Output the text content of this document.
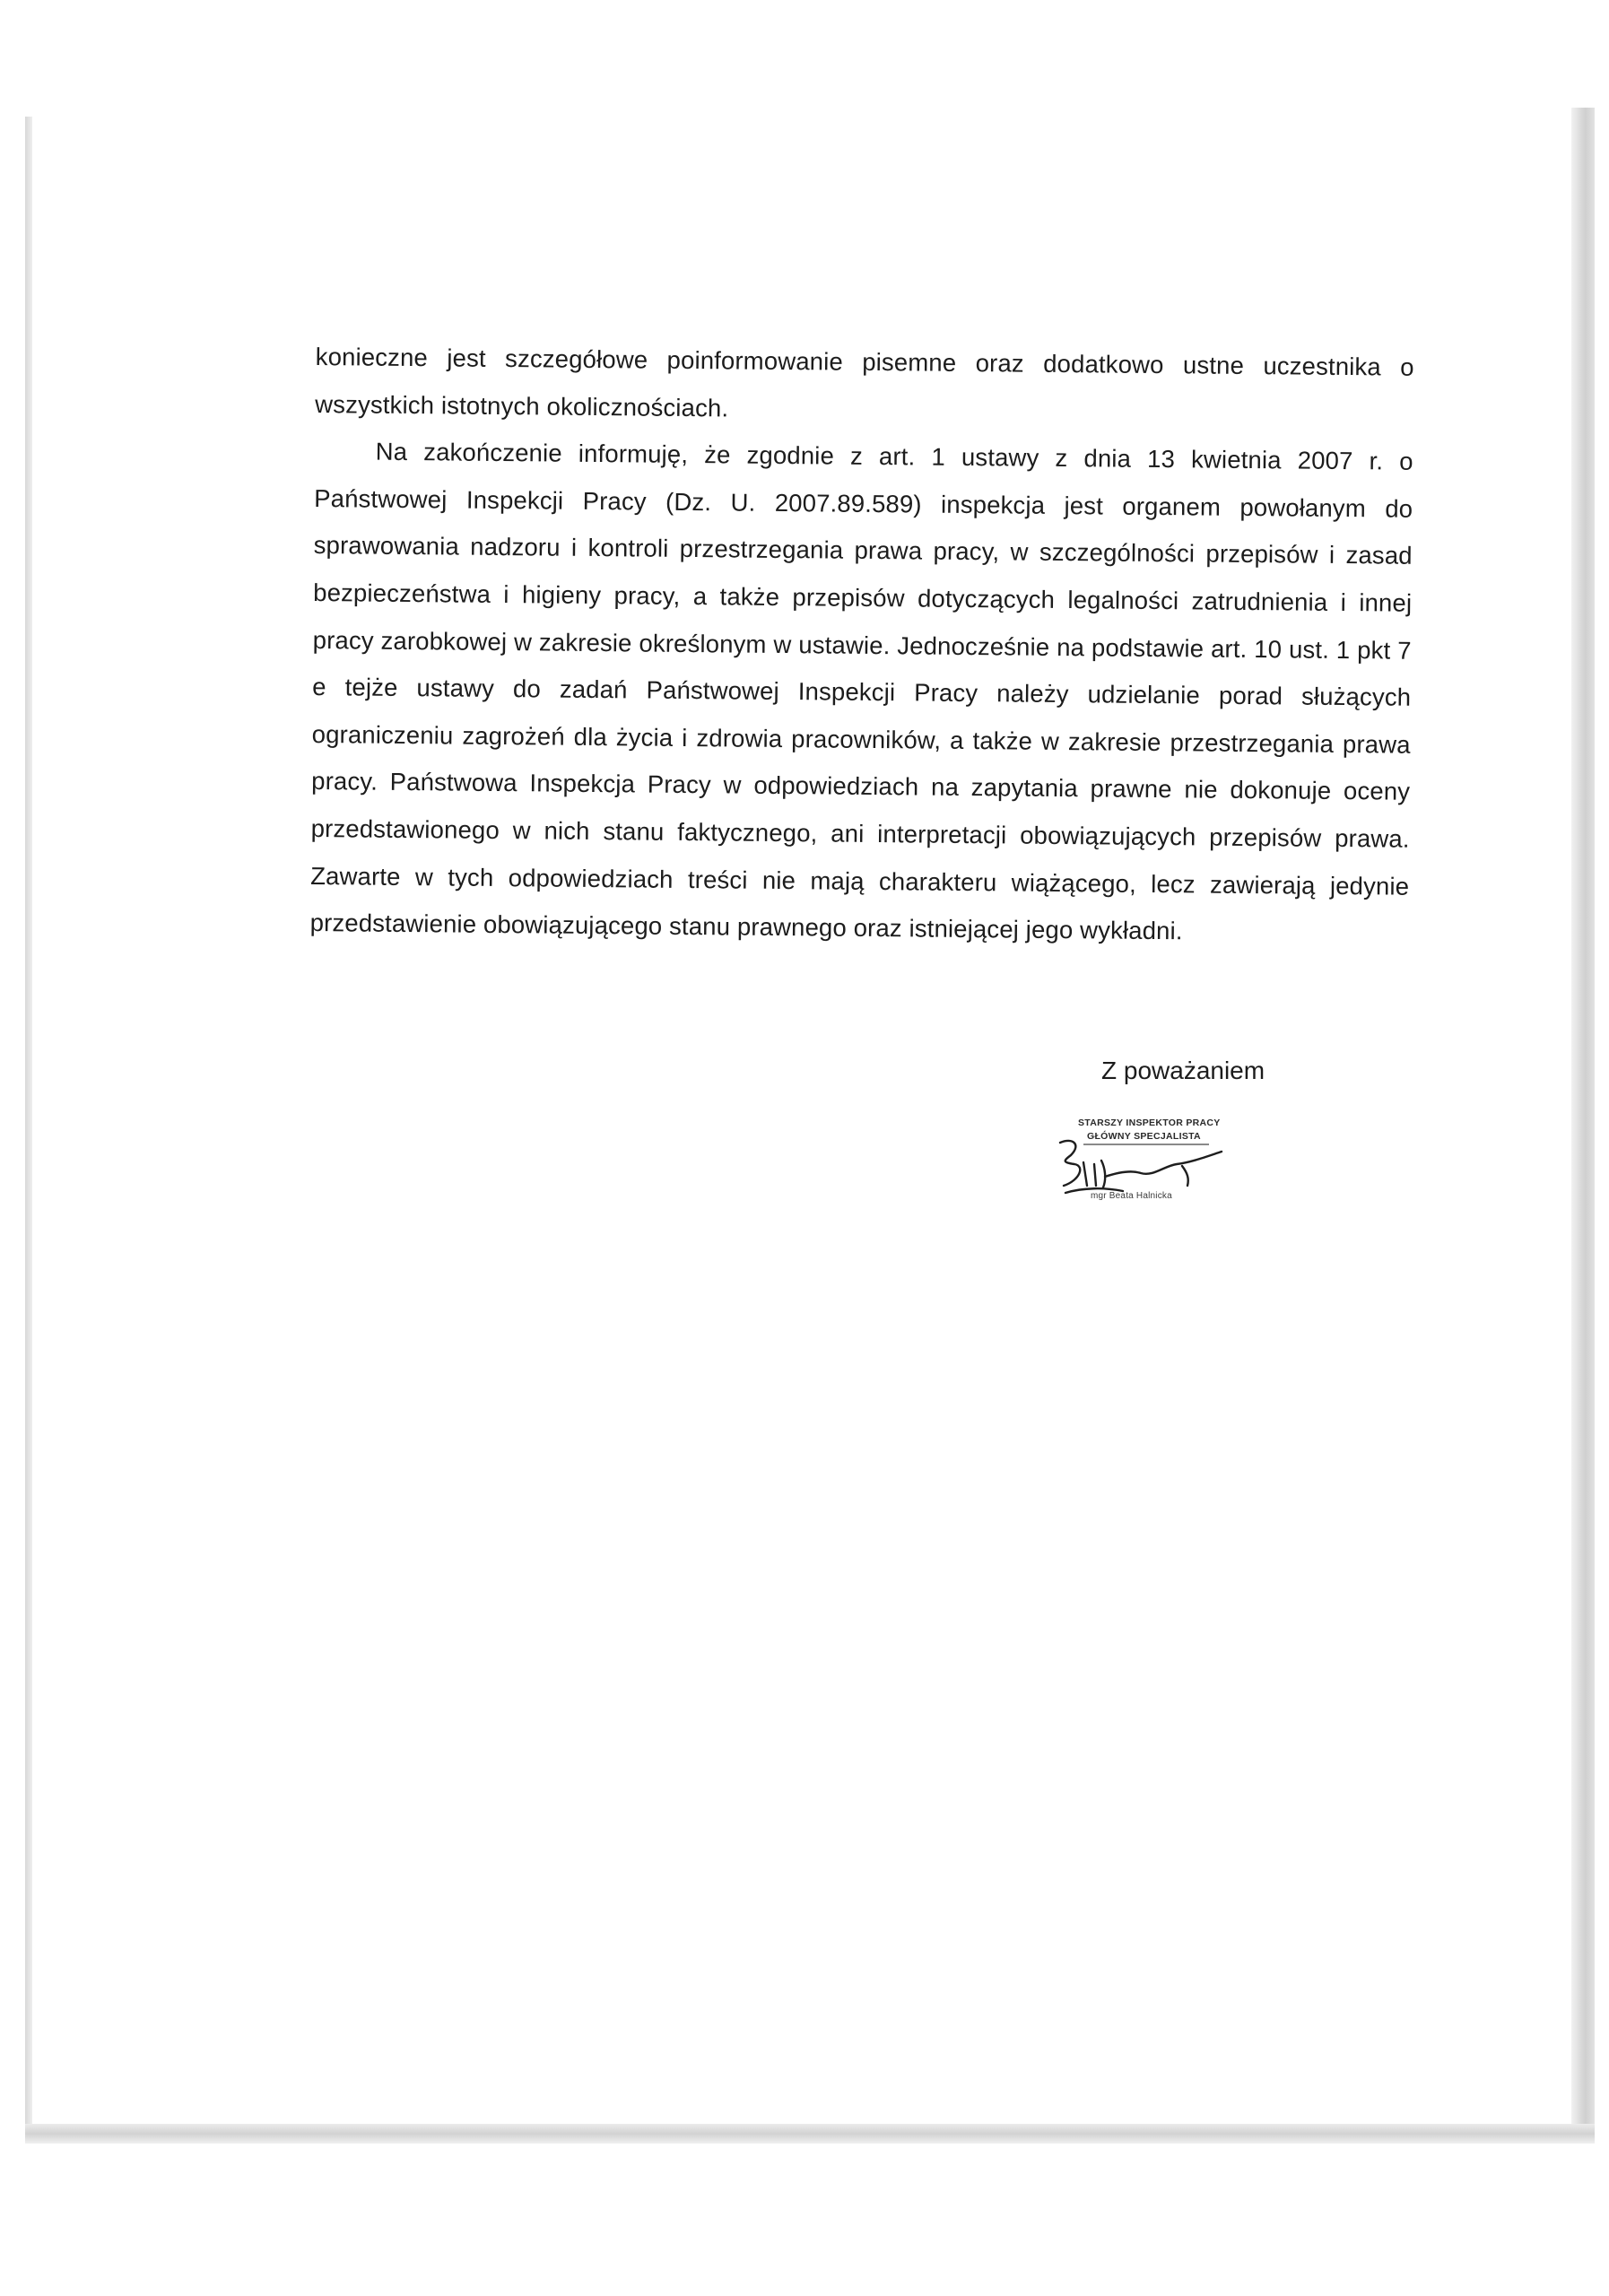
konieczne jest szczegółowe poinformowanie pisemne oraz dodatkowo ustne uczestnika o wszystkich istotnych okolicznościach.

Na zakończenie informuję, że zgodnie z art. 1 ustawy z dnia 13 kwietnia 2007 r. o Państwowej Inspekcji Pracy (Dz. U. 2007.89.589) inspekcja jest organem powołanym do sprawowania nadzoru i kontroli przestrzegania prawa pracy, w szczególności przepisów i zasad bezpieczeństwa i higieny pracy, a także przepisów dotyczących legalności zatrudnienia i innej pracy zarobkowej w zakresie określonym w ustawie. Jednocześnie na podstawie art. 10 ust. 1 pkt 7 e tejże ustawy do zadań Państwowej Inspekcji Pracy należy udzielanie porad służących ograniczeniu zagrożeń dla życia i zdrowia pracowników, a także w zakresie przestrzegania prawa pracy. Państwowa Inspekcja Pracy w odpowiedziach na zapytania prawne nie dokonuje oceny przedstawionego w nich stanu faktycznego, ani interpretacji obowiązujących przepisów prawa. Zawarte w tych odpowiedziach treści nie mają charakteru wiążącego, lecz zawierają jedynie przedstawienie obowiązującego stanu prawnego oraz istniejącej jego wykładni.

Z poważaniem
STARSZY INSPEKTOR PRACY
GŁÓWNY SPECJALISTA
mgr Beata Halnicka
